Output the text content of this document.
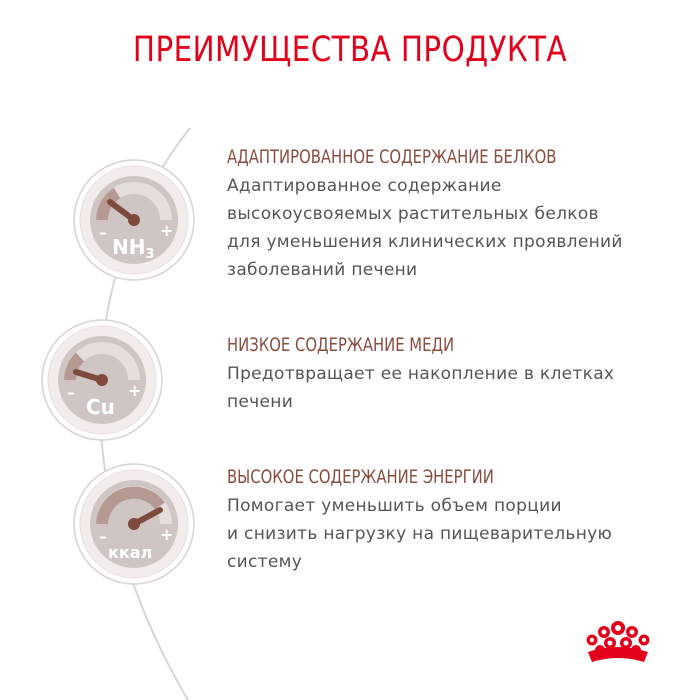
ПРЕИМУЩЕСТВА ПРОДУКТА
–	+
$NH_3$
–	+
Cu
–	+
ккал
АДАПТИРОВАННОЕ СОДЕРЖАНИЕ БЕЛКОВ

Адаптированное содержание
высокоусвояемых растительных белков
для уменьшения клинических проявлений
заболеваний печени

НИЗКОЕ СОДЕРЖАНИЕ МЕДИ

Предотвращает ее накопление в клетках
печени

ВЫСОКОЕ СОДЕРЖАНИЕ ЭНЕРГИИ

Помогает уменьшить объем порции
и снизить нагрузку на пищеварительную
систему
